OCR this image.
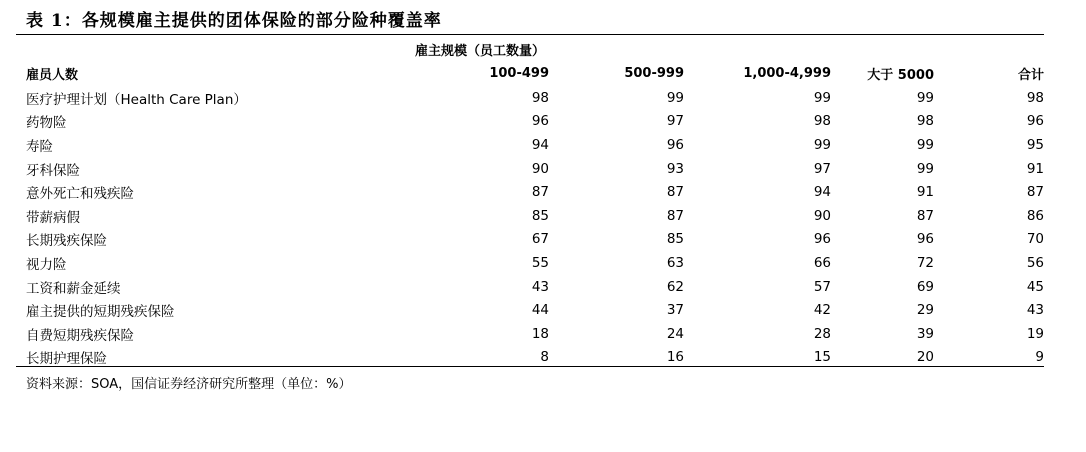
表 1：各规模雇主提供的团体保险的部分险种覆盖率
	雇主规模（员工数量）				
雇员人数	100-499	500-999	1,000-4,999	大于 5000	合计
医疗护理计划（Health Care Plan）	98	99	99	99	98
药物险	96	97	98	98	96
寿险	94	96	99	99	95
牙科保险	90	93	97	99	91
意外死亡和残疾险	87	87	94	91	87
带薪病假	85	87	90	87	86
长期残疾保险	67	85	96	96	70
视力险	55	63	66	72	56
工资和薪金延续	43	62	57	69	45
雇主提供的短期残疾保险	44	37	42	29	43
自费短期残疾保险	18	24	28	39	19
长期护理保险	8	16	15	20	9
资料来源：SOA，国信证券经济研究所整理（单位：%）
